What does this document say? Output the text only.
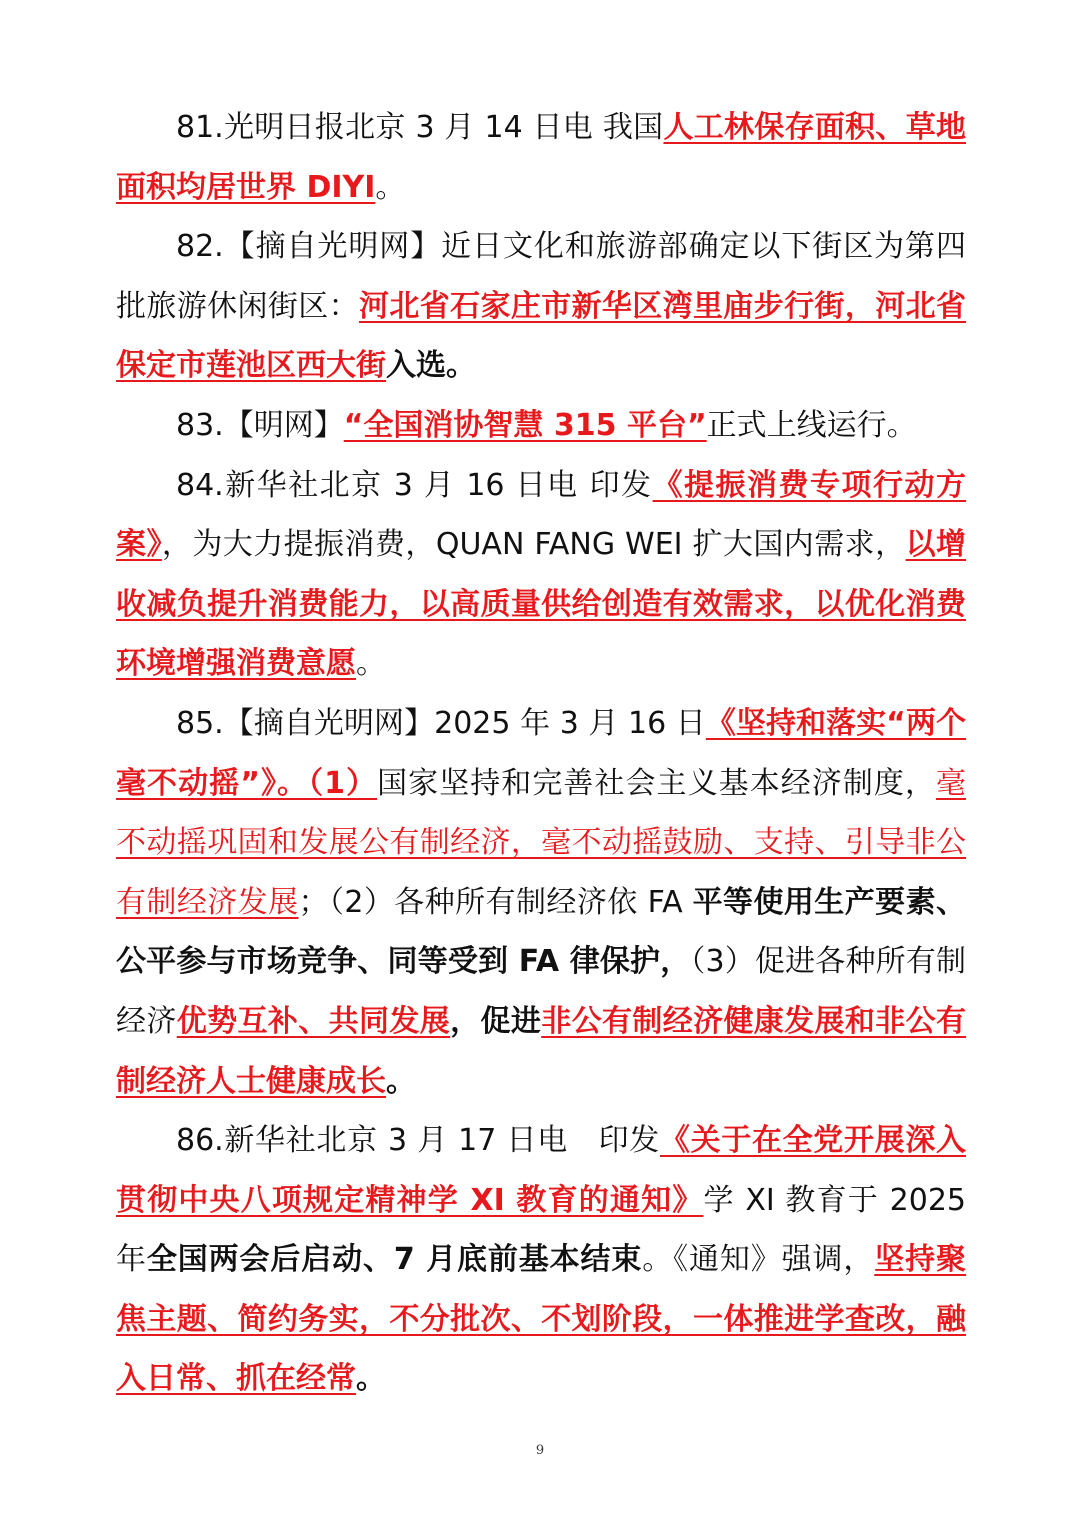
81.光明日报北京 3 月 14 日电 我国人工林保存面积、草地面积均居世界 DIYI。

82.【摘自光明网】近日文化和旅游部确定以下街区为第四批旅游休闲街区：河北省石家庄市新华区湾里庙步行街，河北省保定市莲池区西大街入选。

83.【明网】“全国消协智慧 315 平台”正式上线运行。

84.新华社北京 3 月 16 日电 印发《提振消费专项行动方案》，为大力提振消费，QUAN FANG WEI 扩大国内需求，以增收减负提升消费能力，以高质量供给创造有效需求，以优化消费环境增强消费意愿。

85.【摘自光明网】2025 年 3 月 16 日《坚持和落实“两个毫不动摇”》。（1）国家坚持和完善社会主义基本经济制度，毫不动摇巩固和发展公有制经济，毫不动摇鼓励、支持、引导非公有制经济发展；（2）各种所有制经济依 FA 平等使用生产要素、公平参与市场竞争、同等受到 FA 律保护，（3）促进各种所有制经济优势互补、共同发展，促进非公有制经济健康发展和非公有制经济人士健康成长。

86.新华社北京 3 月 17 日电　印发《关于在全党开展深入贯彻中央八项规定精神学 XI 教育的通知》学 XI 教育于 2025 年全国两会后启动、7 月底前基本结束。《通知》强调，坚持聚焦主题、简约务实，不分批次、不划阶段，一体推进学查改，融入日常、抓在经常。

9
